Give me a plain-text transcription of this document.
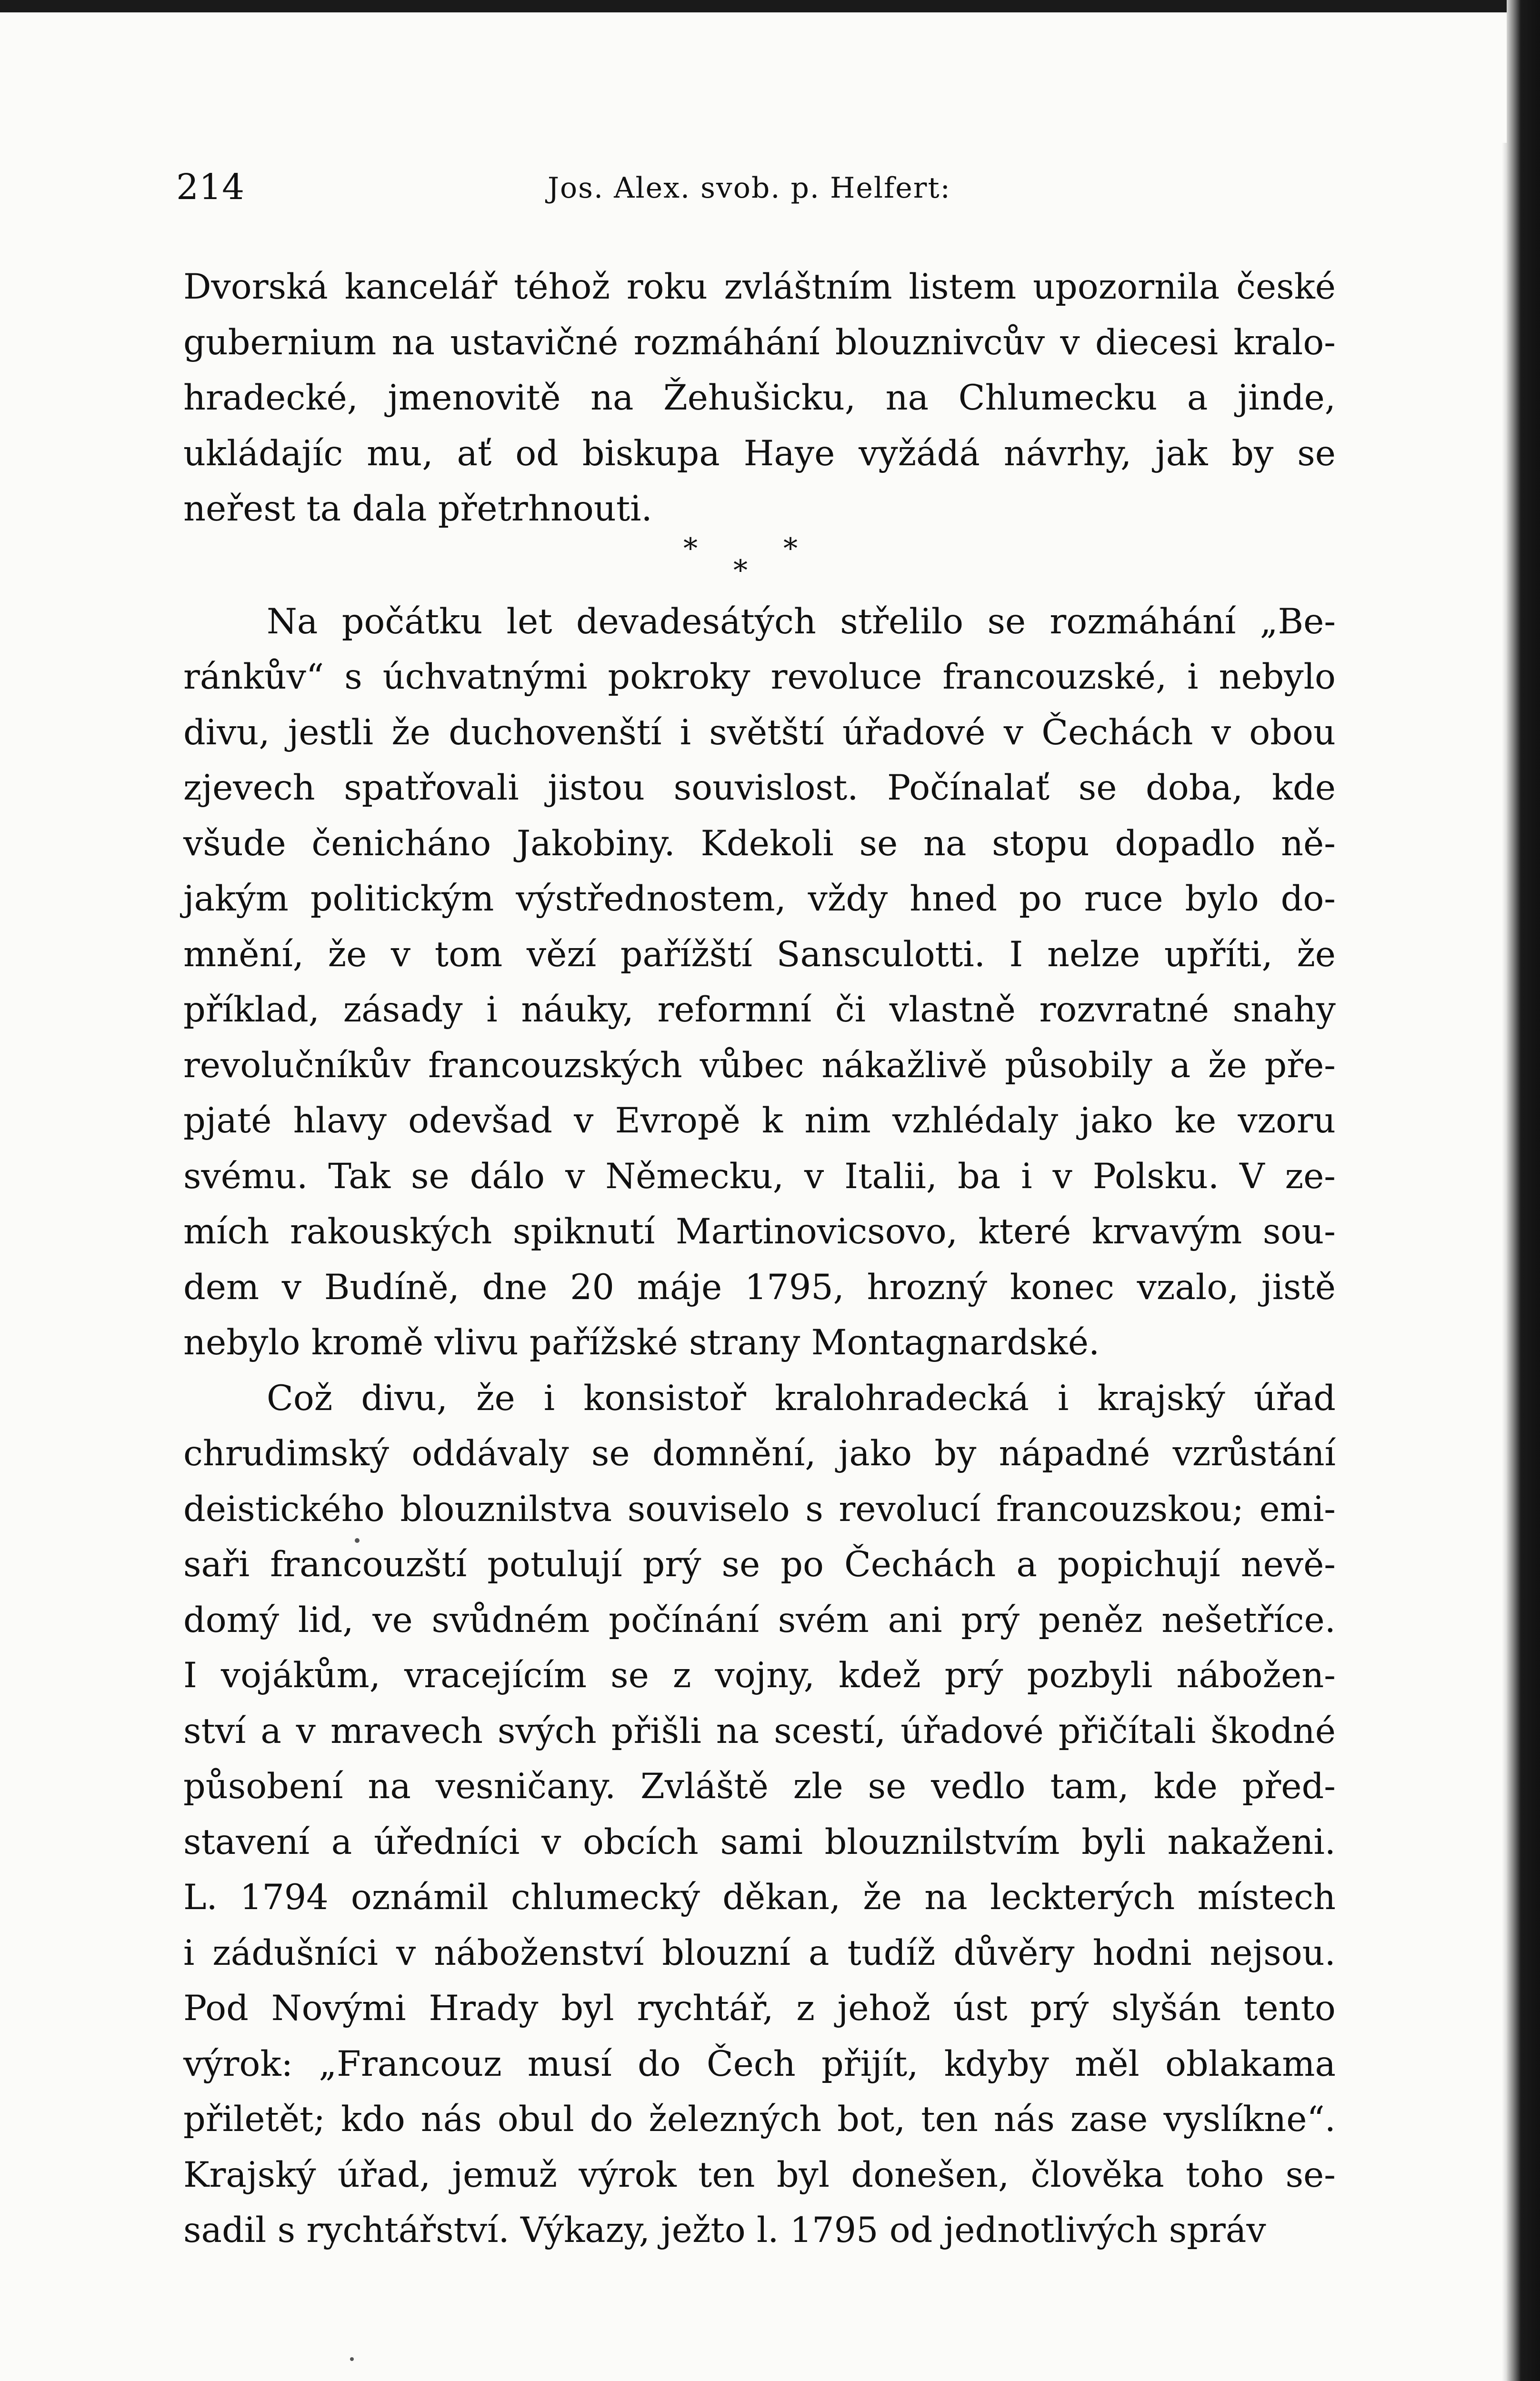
214	Jos. Alex. svob. p. Helfert:
Dvorská kancelář téhož roku zvláštním listem upozornila české
gubernium na ustavičné rozmáhání blouznivcův v diecesi kralo-
hradecké, jmenovitě na Žehušicku, na Chlumecku a jinde,
ukládajíc mu, ať od biskupa Haye vyžádá návrhy, jak by se
neřest
ta
dala
přetrhnouti.
*
*
*
Na počátku let devadesátých střelilo se rozmáhání „Be-
ránkův“ s úchvatnými pokroky revoluce francouzské, i nebylo
divu, jestli že duchovenští i světští úřadové v Čechách v obou
zjevech spatřovali jistou souvislost. Počínalať se doba, kde
všude čenicháno Jakobiny. Kdekoli se na stopu dopadlo ně-
jakým politickým výstřednostem, vždy hned po ruce bylo do-
mnění, že v tom vězí pařížští Sansculotti. I nelze upříti, že
příklad, zásady i náuky, reformní či vlastně rozvratné snahy
revolučníkův francouzských vůbec nákažlivě působily a že pře-
pjaté hlavy odevšad v Evropě k nim vzhlédaly jako ke vzoru
svému. Tak se dálo v Německu, v Italii, ba i v Polsku. V ze-
mích rakouských spiknutí Martinovicsovo, které krvavým sou-
dem v Budíně, dne 20 máje 1795, hrozný konec vzalo, jistě
nebylo
kromě
vlivu
pařížské
strany
Montagnardské.
Což divu, že i konsistoř kralohradecká i krajský úřad
chrudimský oddávaly se domnění, jako by nápadné vzrůstání
deistického blouznilstva souviselo s revolucí francouzskou; emi-
saři francouzští potulují prý se po Čechách a popichují nevě-
domý lid, ve svůdném počínání svém ani prý peněz nešetříce.
I vojákům, vracejícím se z vojny, kdež prý pozbyli nábožen-
ství a v mravech svých přišli na scestí, úřadové přičítali škodné
působení na vesničany. Zvláště zle se vedlo tam, kde před-
stavení a úředníci v obcích sami blouznilstvím byli nakaženi.
L. 1794 oznámil chlumecký děkan, že na leckterých místech
i zádušníci v náboženství blouzní a tudíž důvěry hodni nejsou.
Pod Novými Hrady byl rychtář, z jehož úst prý slyšán tento
výrok: „Francouz musí do Čech přijít, kdyby měl oblakama
přiletět; kdo nás obul do železných bot, ten nás zase vyslíkne“.
Krajský úřad, jemuž výrok ten byl donešen, člověka toho se-
sadil
s
rychtářství.
Výkazy,
ježto
l.
1795
od
jednotlivých
správ
